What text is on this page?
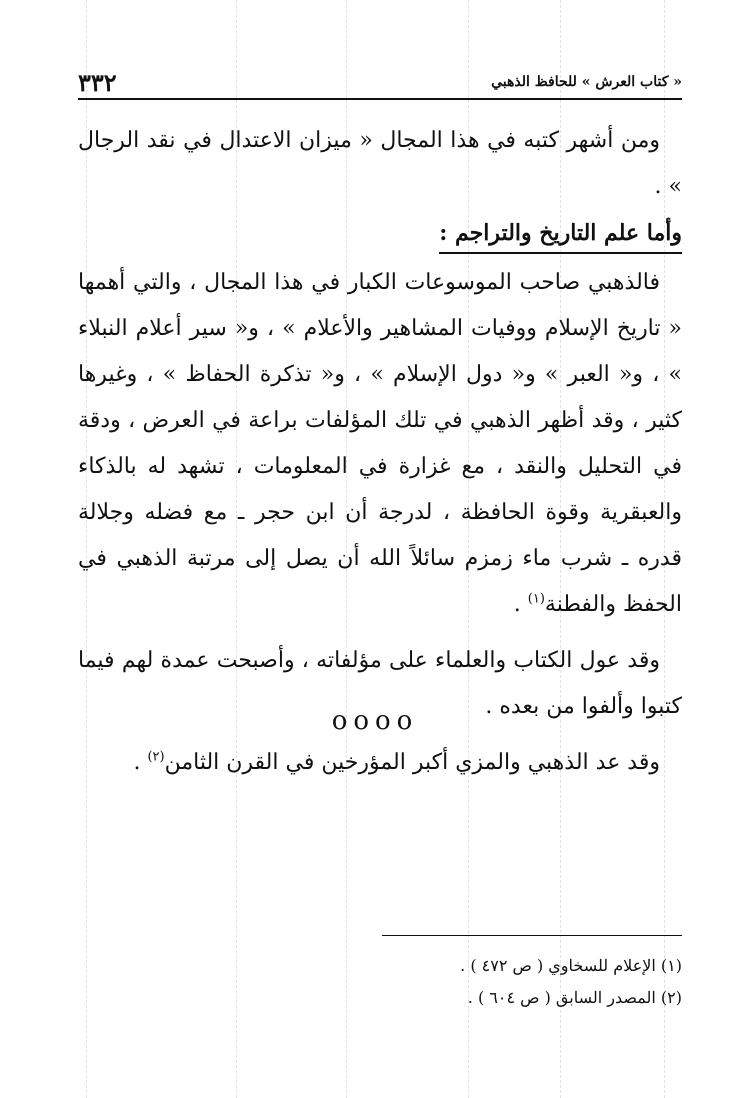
« كتاب العرش » للحافظ الذهبي
٣٣٢

ومن أشهر كتبه في هذا المجال « ميزان الاعتدال في نقد الرجال » .

وأما علم التاريخ والتراجم :

فالذهبي صاحب الموسوعات الكبار في هذا المجال ، والتي أهمها « تاريخ الإسلام ووفيات المشاهير والأعلام » ، و« سير أعلام النبلاء » ، و« العبر » و« دول الإسلام » ، و« تذكرة الحفاظ » ، وغيرها كثير ، وقد أظهر الذهبي في تلك المؤلفات براعة في العرض ، ودقة في التحليل والنقد ، مع غزارة في المعلومات ، تشهد له بالذكاء والعبقرية وقوة الحافظة ، لدرجة أن ابن حجر ـ مع فضله وجلالة قدره ـ شرب ماء زمزم سائلاً الله أن يصل إلى مرتبة الذهبي في الحفظ والفطنة$^{(١)}$ .

وقد عول الكتاب والعلماء على مؤلفاته ، وأصبحت عمدة لهم فيما كتبوا وألفوا من بعده .

وقد عد الذهبي والمزي أكبر المؤرخين في القرن الثامن$^{(٢)}$ .

oooo
(١) الإعلام للسخاوي ( ص ٤٧٢ ) .
(٢) المصدر السابق ( ص ٦٠٤ ) .
